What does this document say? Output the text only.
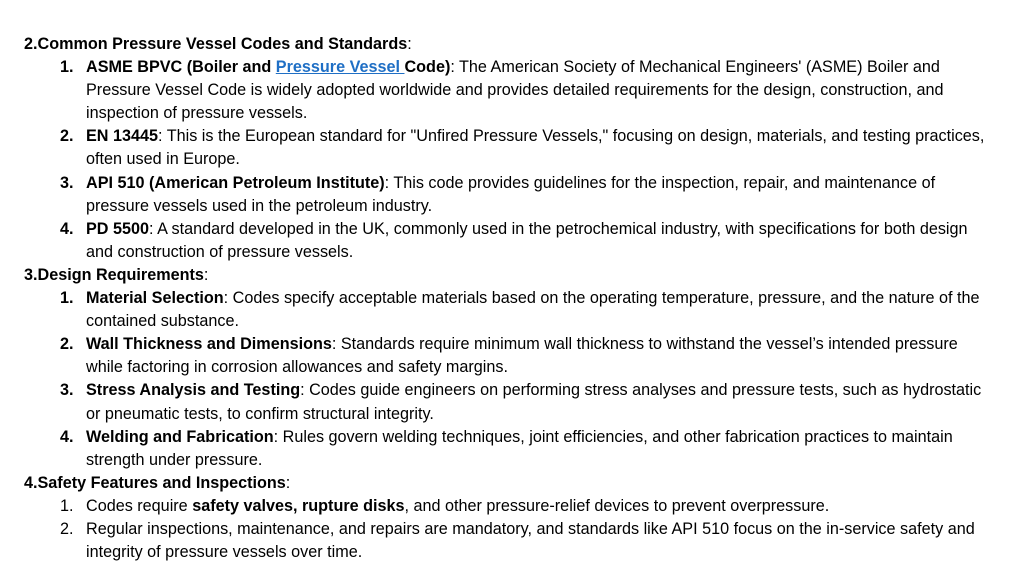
2.Common Pressure Vessel Codes and Standards:
1. ASME BPVC (Boiler and Pressure Vessel Code): The American Society of Mechanical Engineers' (ASME) Boiler and Pressure Vessel Code is widely adopted worldwide and provides detailed requirements for the design, construction, and inspection of pressure vessels.
2. EN 13445: This is the European standard for "Unfired Pressure Vessels," focusing on design, materials, and testing practices, often used in Europe.
3. API 510 (American Petroleum Institute): This code provides guidelines for the inspection, repair, and maintenance of pressure vessels used in the petroleum industry.
4. PD 5500: A standard developed in the UK, commonly used in the petrochemical industry, with specifications for both design and construction of pressure vessels.
3.Design Requirements:
1. Material Selection: Codes specify acceptable materials based on the operating temperature, pressure, and the nature of the contained substance.
2. Wall Thickness and Dimensions: Standards require minimum wall thickness to withstand the vessel’s intended pressure while factoring in corrosion allowances and safety margins.
3. Stress Analysis and Testing: Codes guide engineers on performing stress analyses and pressure tests, such as hydrostatic or pneumatic tests, to confirm structural integrity.
4. Welding and Fabrication: Rules govern welding techniques, joint efficiencies, and other fabrication practices to maintain strength under pressure.
4.Safety Features and Inspections:
1. Codes require safety valves, rupture disks, and other pressure-relief devices to prevent overpressure.
2. Regular inspections, maintenance, and repairs are mandatory, and standards like API 510 focus on the in-service safety and integrity of pressure vessels over time.
